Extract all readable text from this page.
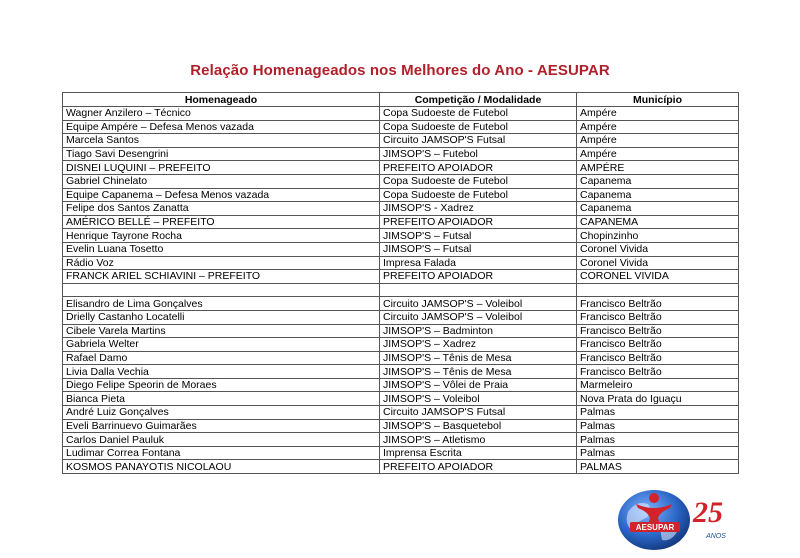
Relação Homenageados nos Melhores do Ano - AESUPAR
Homenageado	Competição / Modalidade	Município
Wagner Anzilero – Técnico	Copa Sudoeste de Futebol	Ampére
Equipe Ampére – Defesa Menos vazada	Copa Sudoeste de Futebol	Ampére
Marcela Santos	Circuito JAMSOP'S Futsal	Ampére
Tiago Savi Desengrini	JIMSOP'S – Futebol	Ampére
DISNEI LUQUINI – PREFEITO	PREFEITO APOIADOR	AMPÉRE
Gabriel Chinelato	Copa Sudoeste de Futebol	Capanema
Equipe Capanema – Defesa Menos vazada	Copa Sudoeste de Futebol	Capanema
Felipe dos Santos Zanatta	JIMSOP'S - Xadrez	Capanema
AMÉRICO BELLÉ – PREFEITO	PREFEITO APOIADOR	CAPANEMA
Henrique Tayrone Rocha	JIMSOP'S – Futsal	Chopinzinho
Evelin Luana Tosetto	JIMSOP'S – Futsal	Coronel Vivida
Rádio Voz	Impresa Falada	Coronel Vivida
FRANCK ARIEL SCHIAVINI – PREFEITO	PREFEITO APOIADOR	CORONEL VIVIDA

Elisandro de Lima Gonçalves	Circuito JAMSOP'S – Voleibol	Francisco Beltrão
Drielly Castanho Locatelli	Circuito JAMSOP'S – Voleibol	Francisco Beltrão
Cibele Varela Martins	JIMSOP'S – Badminton	Francisco Beltrão
Gabriela Welter	JIMSOP'S – Xadrez	Francisco Beltrão
Rafael Damo	JIMSOP'S – Tênis de Mesa	Francisco Beltrão
Livia Dalla Vechia	JIMSOP'S – Tênis de Mesa	Francisco Beltrão
Diego Felipe Speorin de Moraes	JIMSOP'S – Vôlei de Praia	Marmeleiro
Bianca Pieta	JIMSOP'S – Voleibol	Nova Prata do Iguaçu
André Luiz Gonçalves	Circuito JAMSOP'S Futsal	Palmas
Eveli Barrinuevo Guimarães	JIMSOP'S – Basquetebol	Palmas
Carlos Daniel Pauluk	JIMSOP'S – Atletismo	Palmas
Ludimar Correa Fontana	Imprensa Escrita	Palmas
KOSMOS PANAYOTIS NICOLAOU	PREFEITO APOIADOR	PALMAS
AESUPAR 25
ANOS
